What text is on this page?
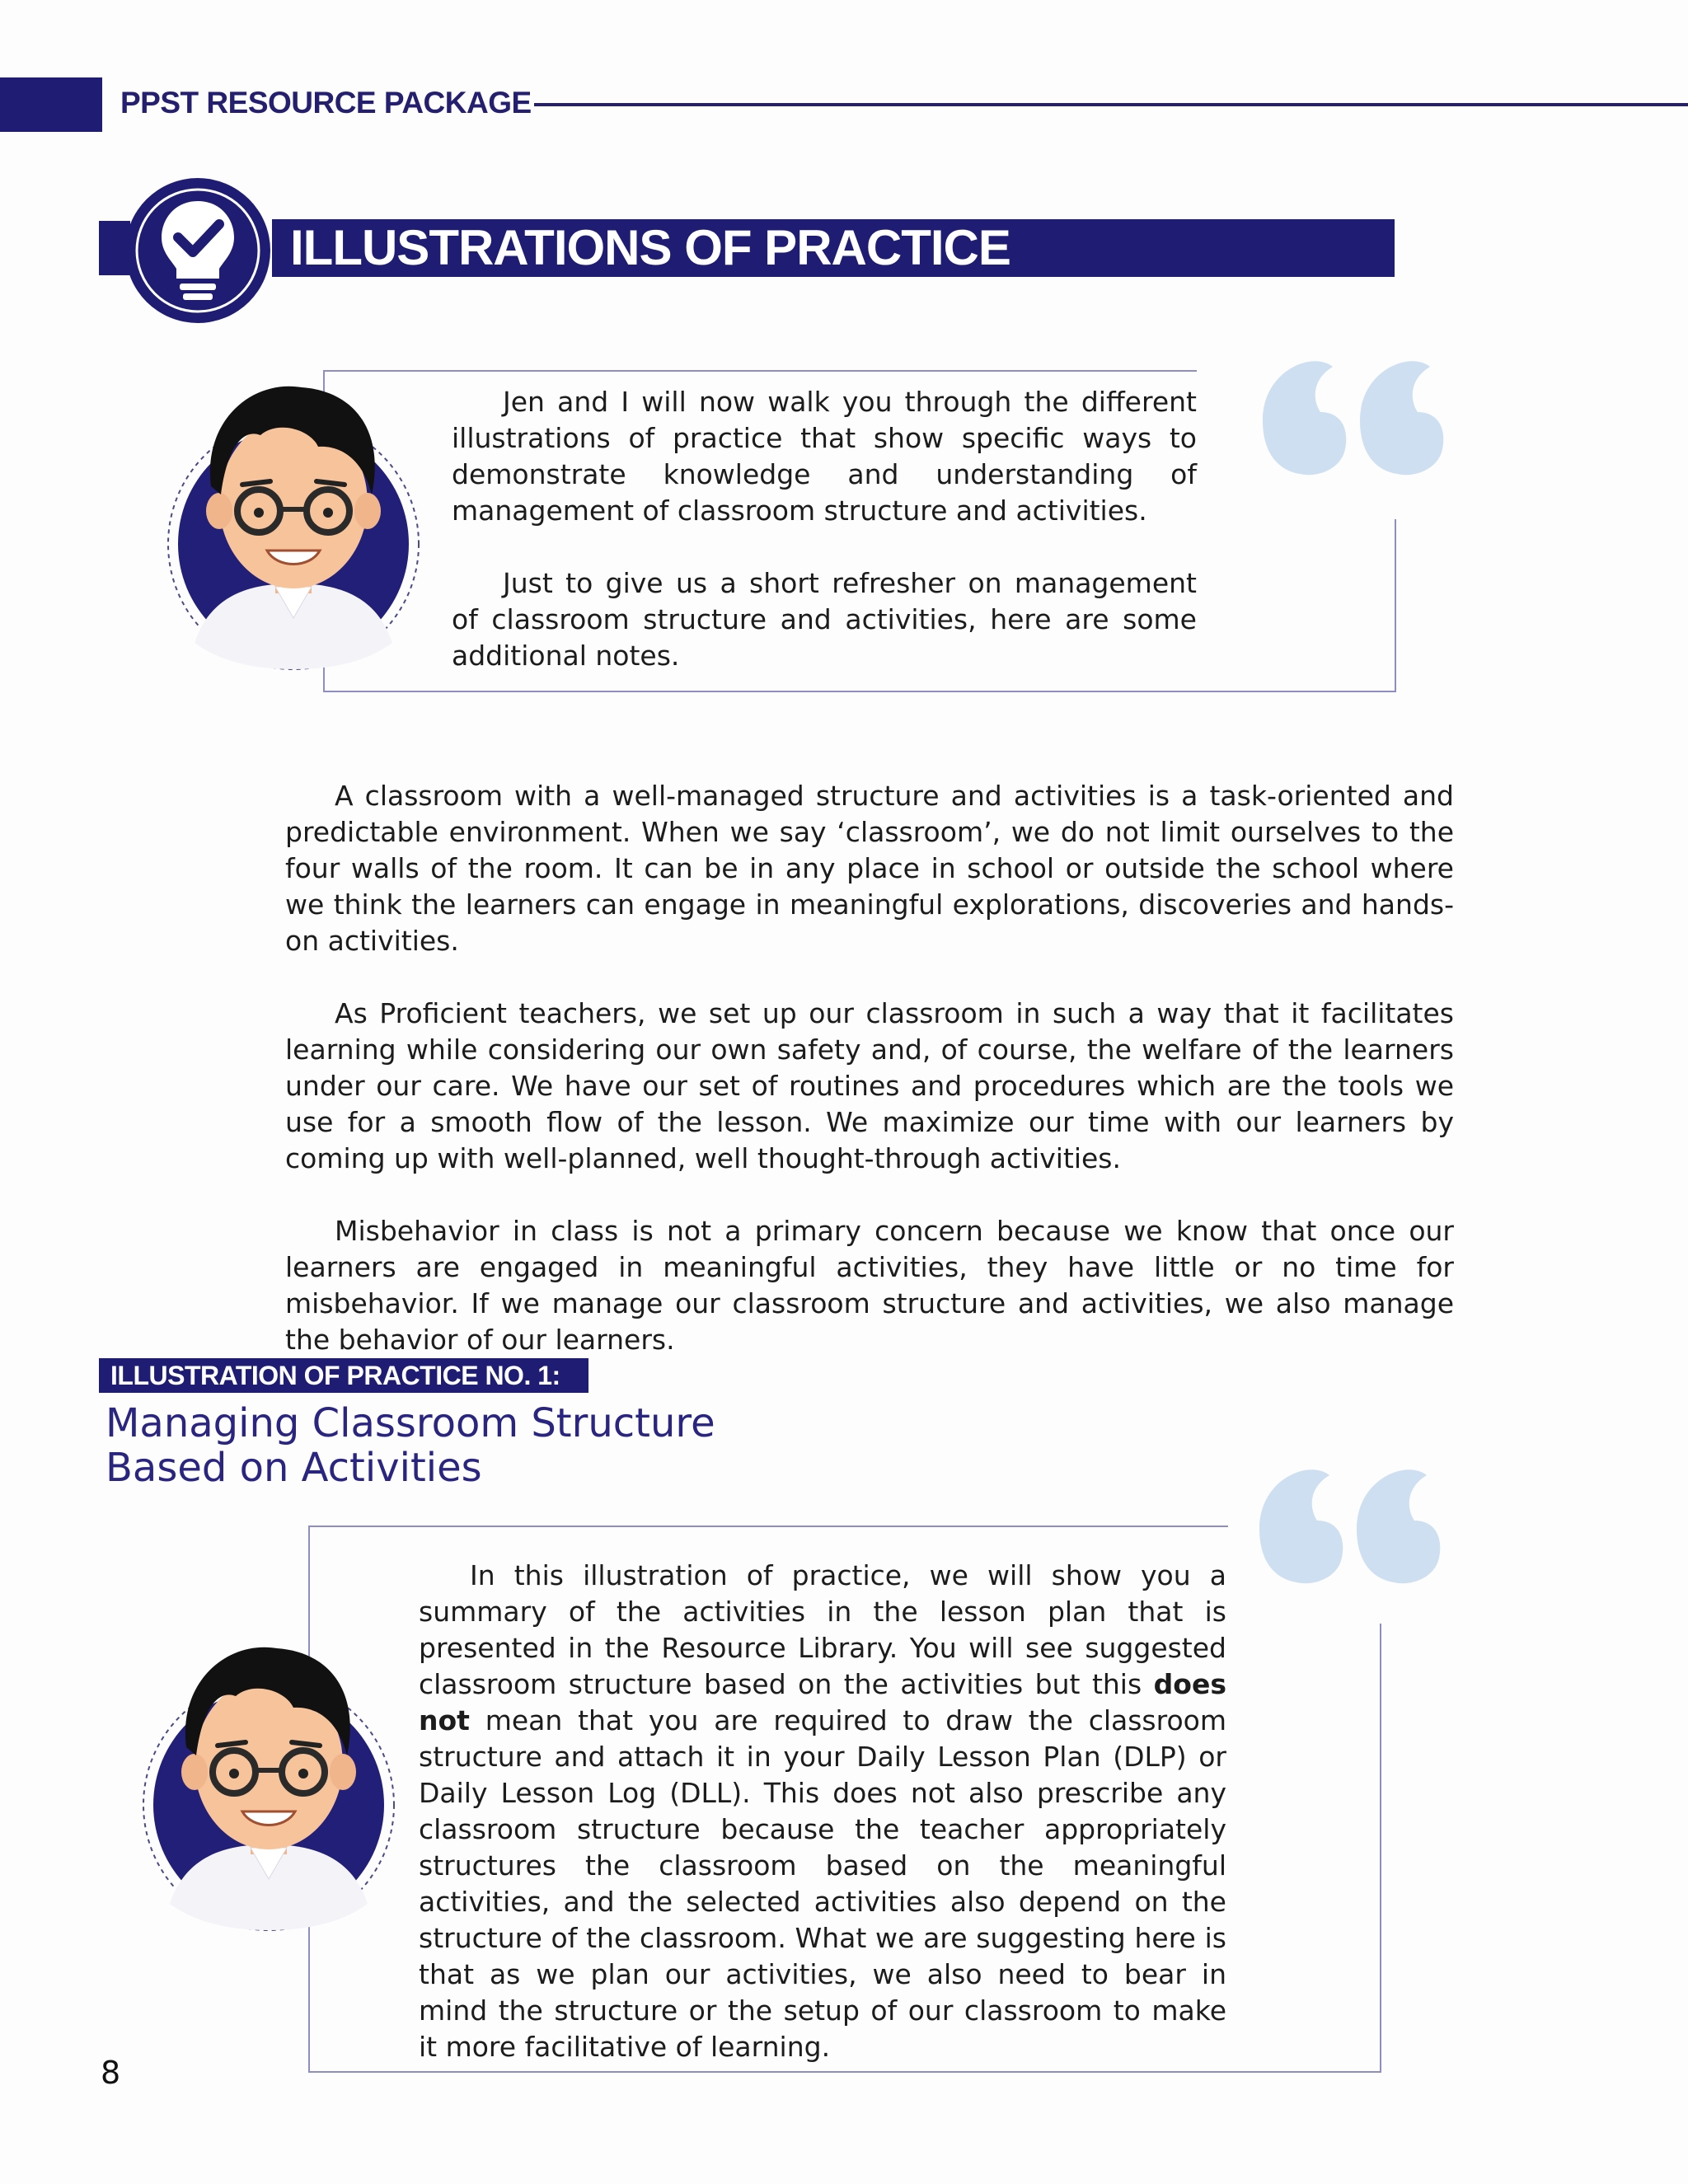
PPST RESOURCE PACKAGE
ILLUSTRATIONS OF PRACTICE

Jen and I will now walk you through the different illustrations of practice that show specific ways to demonstrate knowledge and understanding of management of classroom structure and activities.

Just to give us a short refresher on management of classroom structure and activities, here are some additional notes.

A classroom with a well-managed structure and activities is a task-oriented and predictable environment. When we say ‘classroom’, we do not limit ourselves to the four walls of the room. It can be in any place in school or outside the school where we think the learners can engage in meaningful explorations, discoveries and hands-on activities.

As Proficient teachers, we set up our classroom in such a way that it facilitates learning while considering our own safety and, of course, the welfare of the learners under our care. We have our set of routines and procedures which are the tools we use for a smooth flow of the lesson. We maximize our time with our learners by coming up with well-planned, well thought-through activities.

Misbehavior in class is not a primary concern because we know that once our learners are engaged in meaningful activities, they have little or no time for misbehavior. If we manage our classroom structure and activities, we also manage the behavior of our learners.

ILLUSTRATION OF PRACTICE NO. 1:
Managing Classroom Structure
Based on Activities

In this illustration of practice, we will show you a summary of the activities in the lesson plan that is presented in the Resource Library. You will see suggested classroom structure based on the activities but this does not mean that you are required to draw the classroom structure and attach it in your Daily Lesson Plan (DLP) or Daily Lesson Log (DLL). This does not also prescribe any classroom structure because the teacher appropriately structures the classroom based on the meaningful activities, and the selected activities also depend on the structure of the classroom. What we are suggesting here is that as we plan our activities, we also need to bear in mind the structure or the setup of our classroom to make it more facilitative of learning.

8
